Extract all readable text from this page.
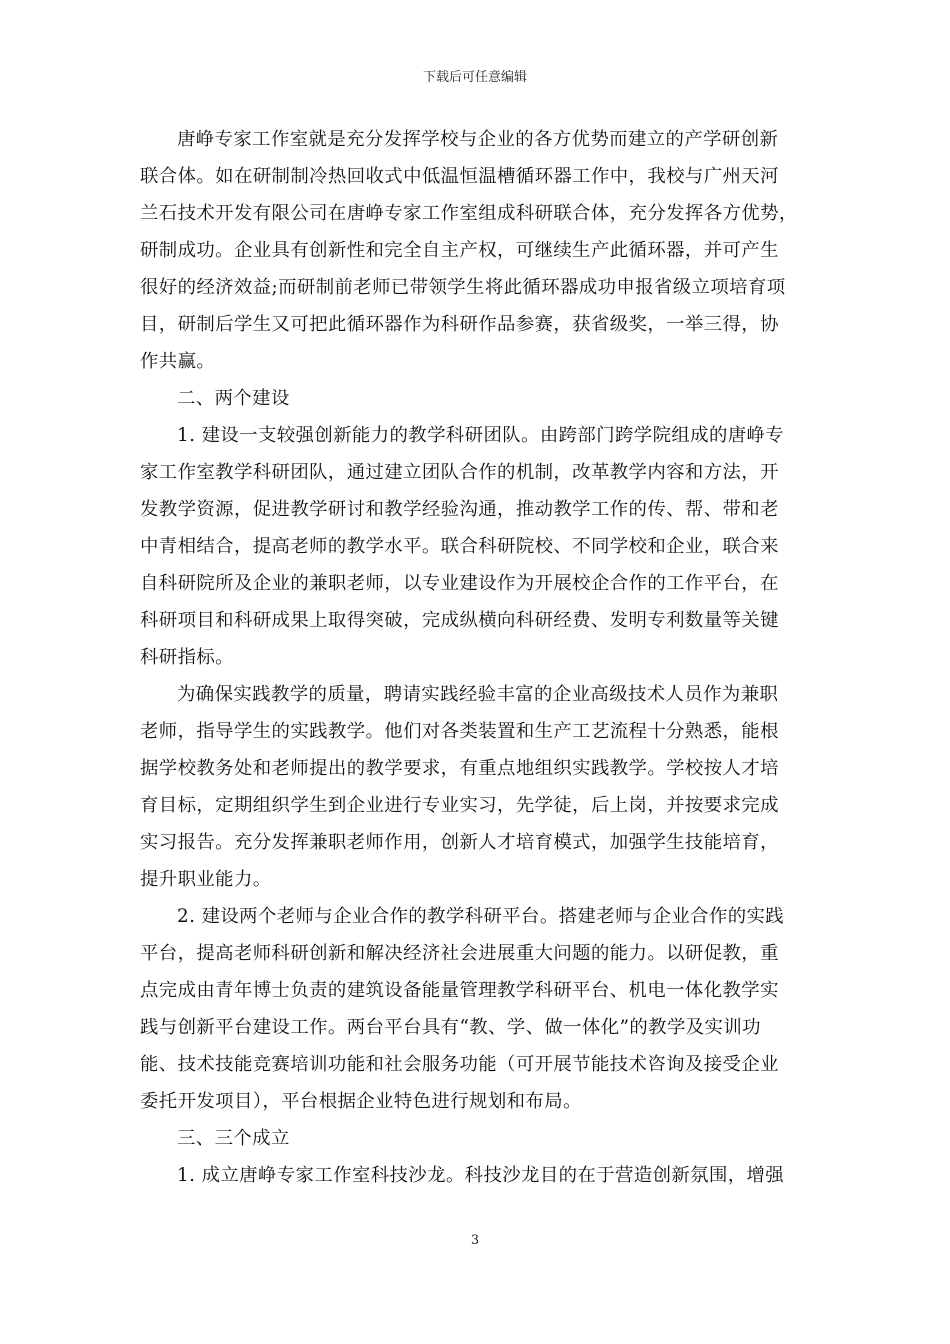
下载后可任意编辑
唐峥专家工作室就是充分发挥学校与企业的各方优势而建立的产学研创新
联合体。如在研制制冷热回收式中低温恒温槽循环器工作中，我校与广州天河
兰石技术开发有限公司在唐峥专家工作室组成科研联合体，充分发挥各方优势，
研制成功。企业具有创新性和完全自主产权，可继续生产此循环器，并可产生
很好的经济效益;而研制前老师已带领学生将此循环器成功申报省级立项培育项
目，研制后学生又可把此循环器作为科研作品参赛，获省级奖，一举三得，协
作共赢。
二、两个建设
1. 建设一支较强创新能力的教学科研团队。由跨部门跨学院组成的唐峥专
家工作室教学科研团队，通过建立团队合作的机制，改革教学内容和方法，开
发教学资源，促进教学研讨和教学经验沟通，推动教学工作的传、帮、带和老
中青相结合，提高老师的教学水平。联合科研院校、不同学校和企业，联合来
自科研院所及企业的兼职老师，以专业建设作为开展校企合作的工作平台，在
科研项目和科研成果上取得突破，完成纵横向科研经费、发明专利数量等关键
科研指标。
为确保实践教学的质量，聘请实践经验丰富的企业高级技术人员作为兼职
老师，指导学生的实践教学。他们对各类装置和生产工艺流程十分熟悉，能根
据学校教务处和老师提出的教学要求，有重点地组织实践教学。学校按人才培
育目标，定期组织学生到企业进行专业实习，先学徒，后上岗，并按要求完成
实习报告。充分发挥兼职老师作用，创新人才培育模式，加强学生技能培育，
提升职业能力。
2. 建设两个老师与企业合作的教学科研平台。搭建老师与企业合作的实践
平台，提高老师科研创新和解决经济社会进展重大问题的能力。以研促教，重
点完成由青年博士负责的建筑设备能量管理教学科研平台、机电一体化教学实
践与创新平台建设工作。两台平台具有“教、学、做一体化”的教学及实训功
能、技术技能竞赛培训功能和社会服务功能（可开展节能技术咨询及接受企业
委托开发项目），平台根据企业特色进行规划和布局。
三、三个成立
1. 成立唐峥专家工作室科技沙龙。科技沙龙目的在于营造创新氛围，增强
3
